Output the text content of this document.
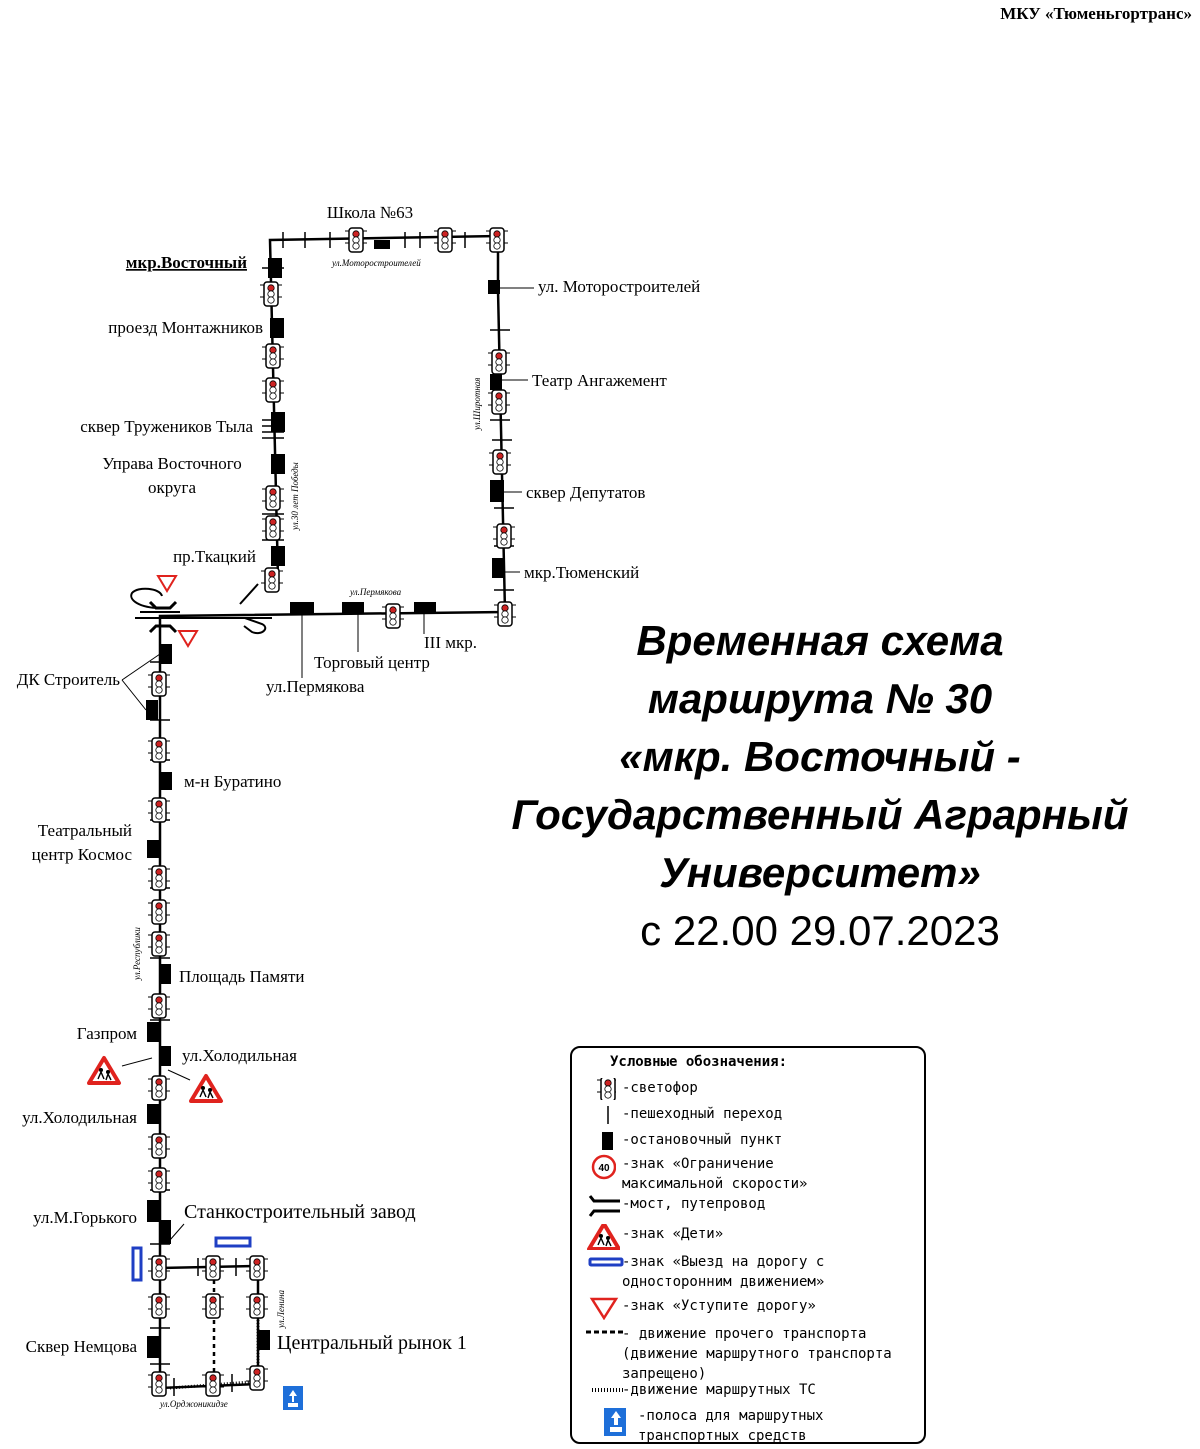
МКУ «Тюменьгортранс»
Школа №63
мкр.Восточный
проезд Монтажников
сквер Тружеников Тыла
Управа Восточного
округа
пр.Ткацкий
ул. Моторостроителей
Театр Ангажемент
сквер Депутатов
мкр.Тюменский
III мкр.
Торговый центр
ул.Пермякова
ДК Строитель
м-н Буратино
Театральный
центр Космос
Площадь Памяти
Газпром
ул.Холодильная
ул.Холодильная
ул.М.Горького Станкостроительный завод
Сквер Немцова	Центральный рынок 1
ул.Моторостроителей
ул.Широтная
ул.30 лет Победы
ул.Пермякова
ул.Республики
ул.Ленина
ул.Орджоникидзе
Временная схема
маршрута № 30
«мкр. Восточный -
Государственный Аграрный
Университет»
с 22.00 29.07.2023
Условные обозначения:
-светофор
-пешеходный переход
-остановочный пункт
40 -знак «Ограничение
максимальной скорости»
-мост, путепровод
-знак «Дети»
-знак «Выезд на дорогу с
односторонним движением»
-знак «Уступите дорогу»
- движение прочего транспорта
(движение маршрутного транспорта
запрещено)
-движение маршрутных ТС
-полоса для маршрутных
транспортных средств
